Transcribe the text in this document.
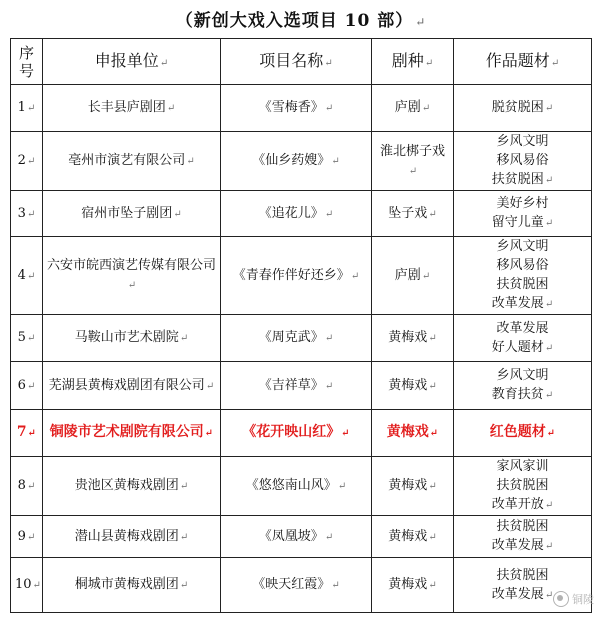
（新创大戏入选项目 10 部） ↵
序号	申报单位↵	项目名称↵	剧种↵	作品题材↵
1↵	长丰县庐剧团↵	《雪梅香》↵	庐剧↵	脱贫脱困↵

2↵	亳州市演艺有限公司↵	《仙乡药嫂》↵	淮北梆子戏↵	乡风文明
移风易俗
扶贫脱困↵

3↵	宿州市坠子剧团↵	《追花儿》↵	坠子戏↵	美好乡村
留守儿童↵

4↵	六安市皖西演艺传媒有限公司↵	《青春作伴好还乡》↵	庐剧↵	乡风文明
移风易俗
扶贫脱困
改革发展↵

5↵	马鞍山市艺术剧院↵	《周克武》↵	黄梅戏↵	改革发展
好人题材↵

6↵	芜湖县黄梅戏剧团有限公司↵	《吉祥草》↵	黄梅戏↵	乡风文明
教育扶贫↵

7↵	铜陵市艺术剧院有限公司↵	《花开映山红》↵	黄梅戏↵	红色题材↵

8↵	贵池区黄梅戏剧团↵	《悠悠南山风》↵	黄梅戏↵	家风家训
扶贫脱困
改革开放↵

9↵	潜山县黄梅戏剧团↵	《凤凰坡》↵	黄梅戏↵	扶贫脱困
改革发展↵

10↵	桐城市黄梅戏剧团↵	《映天红霞》↵	黄梅戏↵	扶贫脱困
改革发展↵	铜陵
